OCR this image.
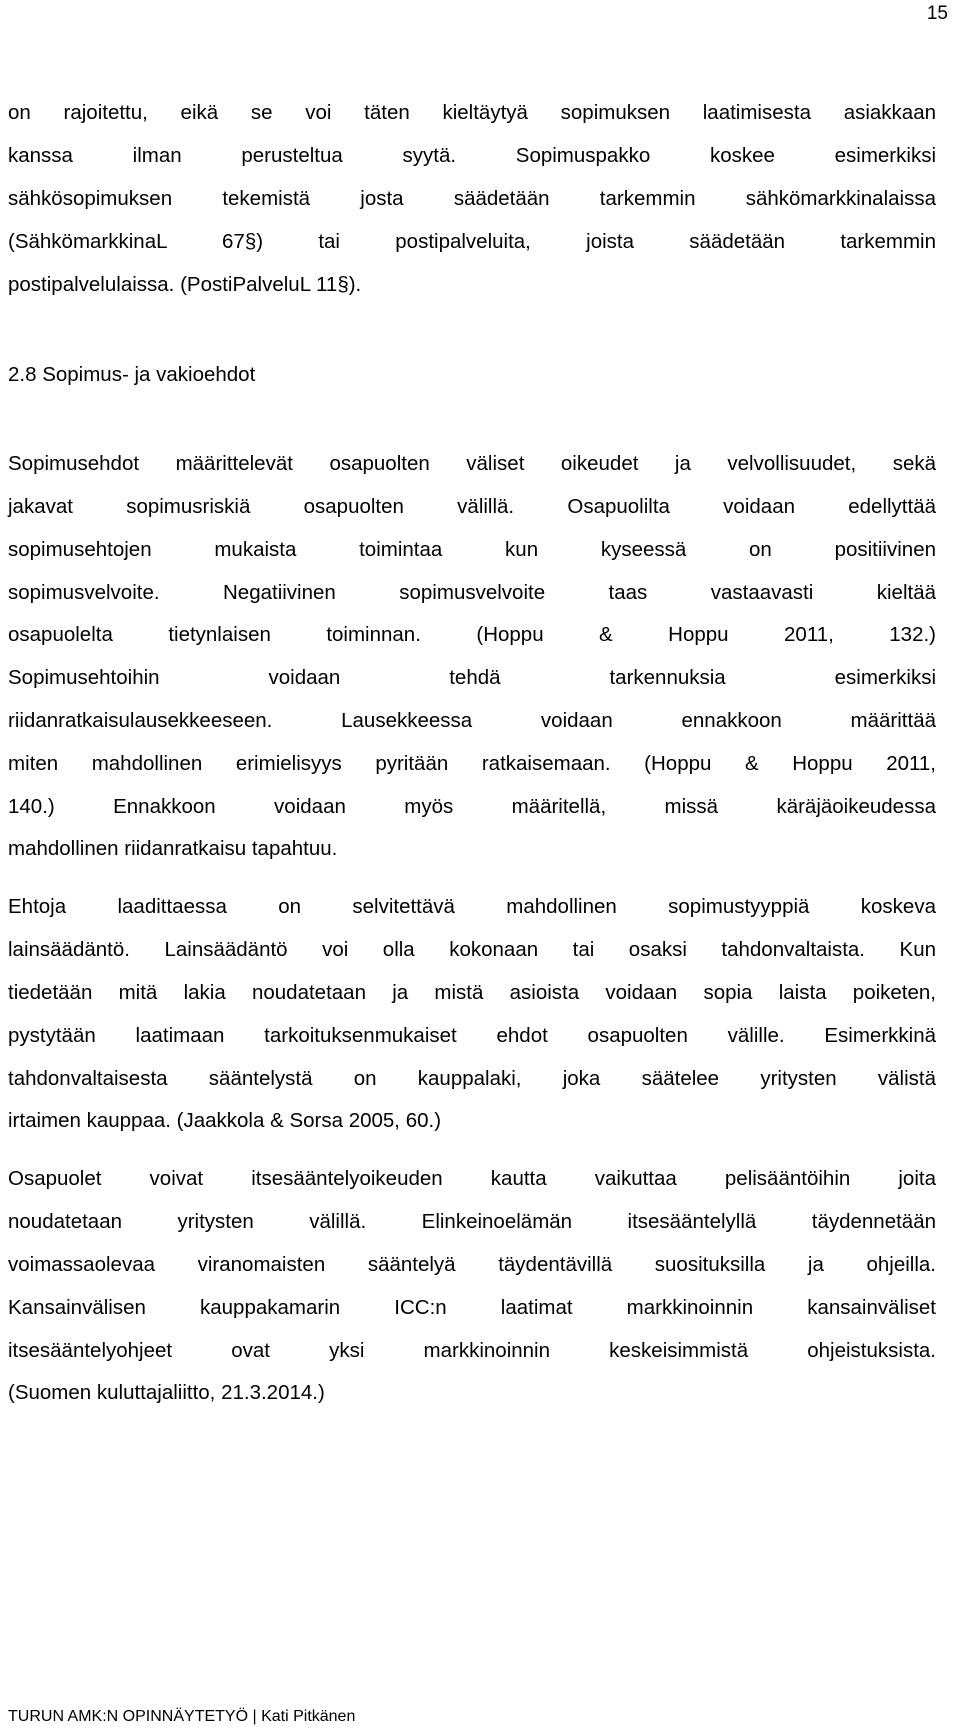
15
on rajoitettu, eikä se voi täten kieltäytyä sopimuksen laatimisesta asiakkaan
kanssa ilman perusteltua syytä. Sopimuspakko koskee esimerkiksi
sähkösopimuksen tekemistä josta säädetään tarkemmin sähkömarkkinalaissa
(SähkömarkkinaL 67§) tai postipalveluita, joista säädetään tarkemmin
postipalvelulaissa. (PostiPalveluL 11§).
2.8 Sopimus- ja vakioehdot
Sopimusehdot määrittelevät osapuolten väliset oikeudet ja velvollisuudet, sekä
jakavat sopimusriskiä osapuolten välillä. Osapuolilta voidaan edellyttää
sopimusehtojen mukaista toimintaa kun kyseessä on positiivinen
sopimusvelvoite. Negatiivinen sopimusvelvoite taas vastaavasti kieltää
osapuolelta tietynlaisen toiminnan. (Hoppu & Hoppu 2011, 132.)
Sopimusehtoihin voidaan tehdä tarkennuksia esimerkiksi
riidanratkaisulausekkeeseen. Lausekkeessa voidaan ennakkoon määrittää
miten mahdollinen erimielisyys pyritään ratkaisemaan. (Hoppu & Hoppu 2011,
140.) Ennakkoon voidaan myös määritellä, missä käräjäoikeudessa
mahdollinen riidanratkaisu tapahtuu.
Ehtoja laadittaessa on selvitettävä mahdollinen sopimustyyppiä koskeva
lainsäädäntö. Lainsäädäntö voi olla kokonaan tai osaksi tahdonvaltaista. Kun
tiedetään mitä lakia noudatetaan ja mistä asioista voidaan sopia laista poiketen,
pystytään laatimaan tarkoituksenmukaiset ehdot osapuolten välille. Esimerkkinä
tahdonvaltaisesta sääntelystä on kauppalaki, joka säätelee yritysten välistä
irtaimen kauppaa. (Jaakkola & Sorsa 2005, 60.)
Osapuolet voivat itsesääntelyoikeuden kautta vaikuttaa pelisääntöihin joita
noudatetaan yritysten välillä. Elinkeinoelämän itsesääntelyllä täydennetään
voimassaolevaa viranomaisten sääntelyä täydentävillä suosituksilla ja ohjeilla.
Kansainvälisen kauppakamarin ICC:n laatimat markkinoinnin kansainväliset
itsesääntelyohjeet ovat yksi markkinoinnin keskeisimmistä ohjeistuksista.
(Suomen kuluttajaliitto, 21.3.2014.)
TURUN AMK:N OPINNÄYTETYÖ | Kati Pitkänen
